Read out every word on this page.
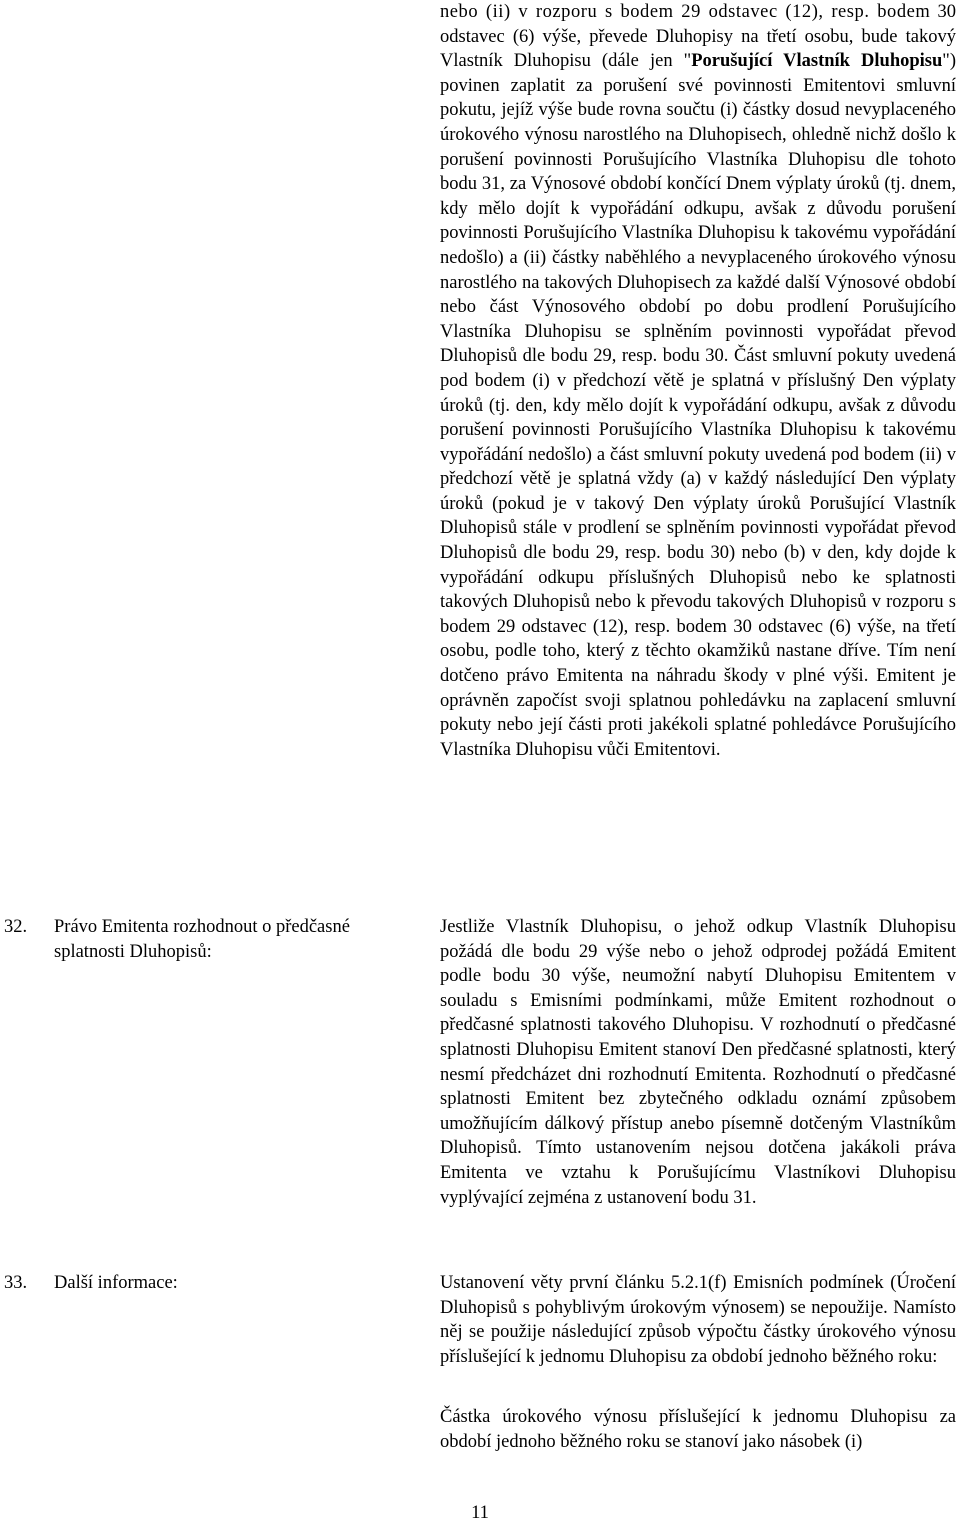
nebo (ii) v rozporu s bodem 29 odstavec (12), resp. bodem 30 odstavec (6) výše, převede Dluhopisy na třetí osobu, bude takový Vlastník Dluhopisu (dále jen "Porušující Vlastník Dluhopisu") povinen zaplatit za porušení své povinnosti Emitentovi smluvní pokutu, jejíž výše bude rovna součtu (i) částky dosud nevyplaceného úrokového výnosu narostlého na Dluhopisech, ohledně nichž došlo k porušení povinnosti Porušujícího Vlastníka Dluhopisu dle tohoto bodu 31, za Výnosové období končící Dnem výplaty úroků (tj. dnem, kdy mělo dojít k vypořádání odkupu, avšak z důvodu porušení povinnosti Porušujícího Vlastníka Dluhopisu k takovému vypořádání nedošlo) a (ii) částky naběhlého a nevyplaceného úrokového výnosu narostlého na takových Dluhopisech za každé další Výnosové období nebo část Výnosového období po dobu prodlení Porušujícího Vlastníka Dluhopisu se splněním povinnosti vypořádat převod Dluhopisů dle bodu 29, resp. bodu 30. Část smluvní pokuty uvedená pod bodem (i) v předchozí větě je splatná v příslušný Den výplaty úroků (tj. den, kdy mělo dojít k vypořádání odkupu, avšak z důvodu porušení povinnosti Porušujícího Vlastníka Dluhopisu k takovému vypořádání nedošlo) a část smluvní pokuty uvedená pod bodem (ii) v předchozí větě je splatná vždy (a) v každý následující Den výplaty úroků (pokud je v takový Den výplaty úroků Porušující Vlastník Dluhopisů stále v prodlení se splněním povinnosti vypořádat převod Dluhopisů dle bodu 29, resp. bodu 30) nebo (b) v den, kdy dojde k vypořádání odkupu příslušných Dluhopisů nebo ke splatnosti takových Dluhopisů nebo k převodu takových Dluhopisů v rozporu s bodem 29 odstavec (12), resp. bodem 30 odstavec (6) výše, na třetí osobu, podle toho, který z těchto okamžiků nastane dříve. Tím není dotčeno právo Emitenta na náhradu škody v plné výši. Emitent je oprávněn započíst svoji splatnou pohledávku na zaplacení smluvní pokuty nebo její části proti jakékoli splatné pohledávce Porušujícího Vlastníka Dluhopisu vůči Emitentovi.
32. Právo Emitenta rozhodnout o předčasné splatnosti Dluhopisů:
Jestliže Vlastník Dluhopisu, o jehož odkup Vlastník Dluhopisu požádá dle bodu 29 výše nebo o jehož odprodej požádá Emitent podle bodu 30 výše, neumožní nabytí Dluhopisu Emitentem v souladu s Emisními podmínkami, může Emitent rozhodnout o předčasné splatnosti takového Dluhopisu. V rozhodnutí o předčasné splatnosti Dluhopisu Emitent stanoví Den předčasné splatnosti, který nesmí předcházet dni rozhodnutí Emitenta. Rozhodnutí o předčasné splatnosti Emitent bez zbytečného odkladu oznámí způsobem umožňujícím dálkový přístup anebo písemně dotčeným Vlastníkům Dluhopisů. Tímto ustanovením nejsou dotčena jakákoli práva Emitenta ve vztahu k Porušujícímu Vlastníkovi Dluhopisu vyplývající zejména z ustanovení bodu 31.
33. Další informace:	Ustanovení věty první článku 5.2.1(f) Emisních podmínek (Úročení Dluhopisů s pohyblivým úrokovým výnosem) se nepoužije. Namísto něj se použije následující způsob výpočtu částky úrokového výnosu příslušející k jednomu Dluhopisu za období jednoho běžného roku:
Částka úrokového výnosu příslušející k jednomu Dluhopisu za období jednoho běžného roku se stanoví jako násobek (i)
11
